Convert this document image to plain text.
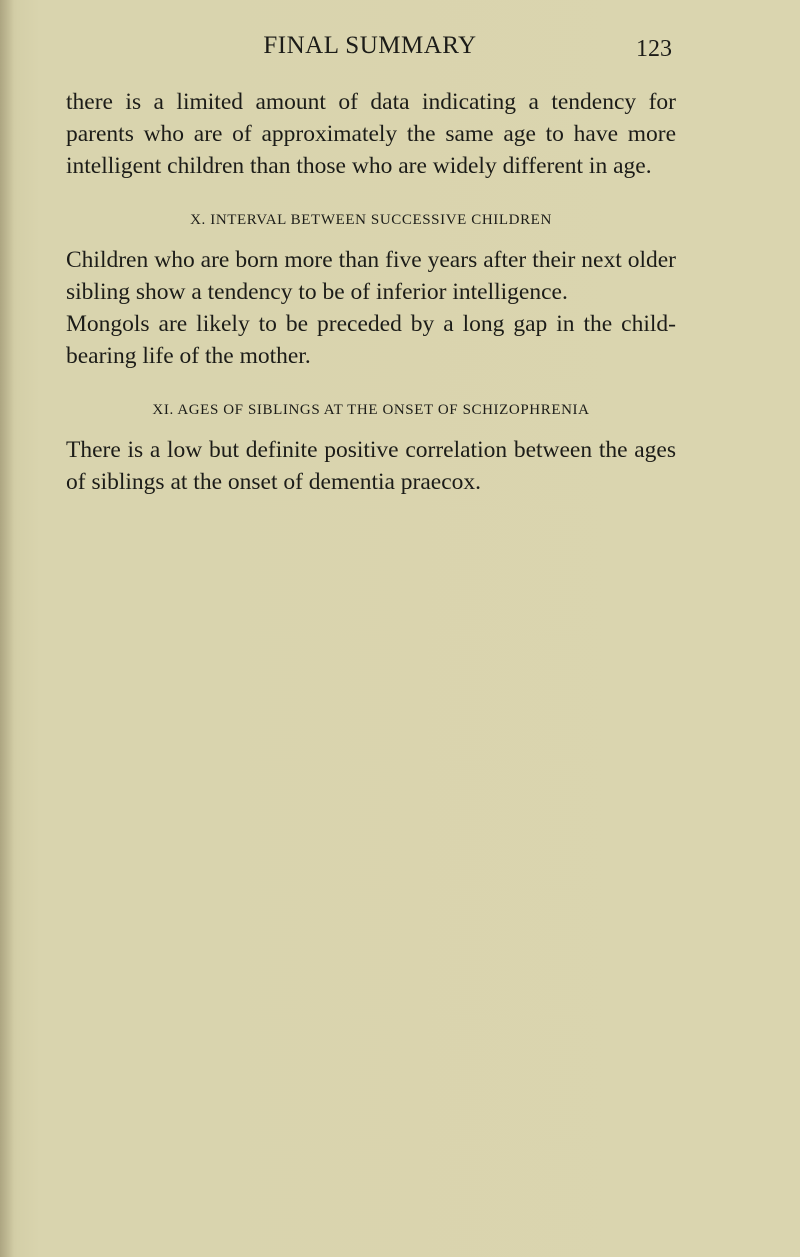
FINAL SUMMARY	123

there is a limited amount of data indicating a tendency for parents who are of approximately the same age to have more intelligent children than those who are widely different in age.

X. INTERVAL BETWEEN SUCCESSIVE CHILDREN

Children who are born more than five years after their next older sibling show a tendency to be of inferior intelligence.

Mongols are likely to be preceded by a long gap in the child-bearing life of the mother.

XI. AGES OF SIBLINGS AT THE ONSET OF SCHIZOPHRENIA

There is a low but definite positive correlation between the ages of siblings at the onset of dementia praecox.
